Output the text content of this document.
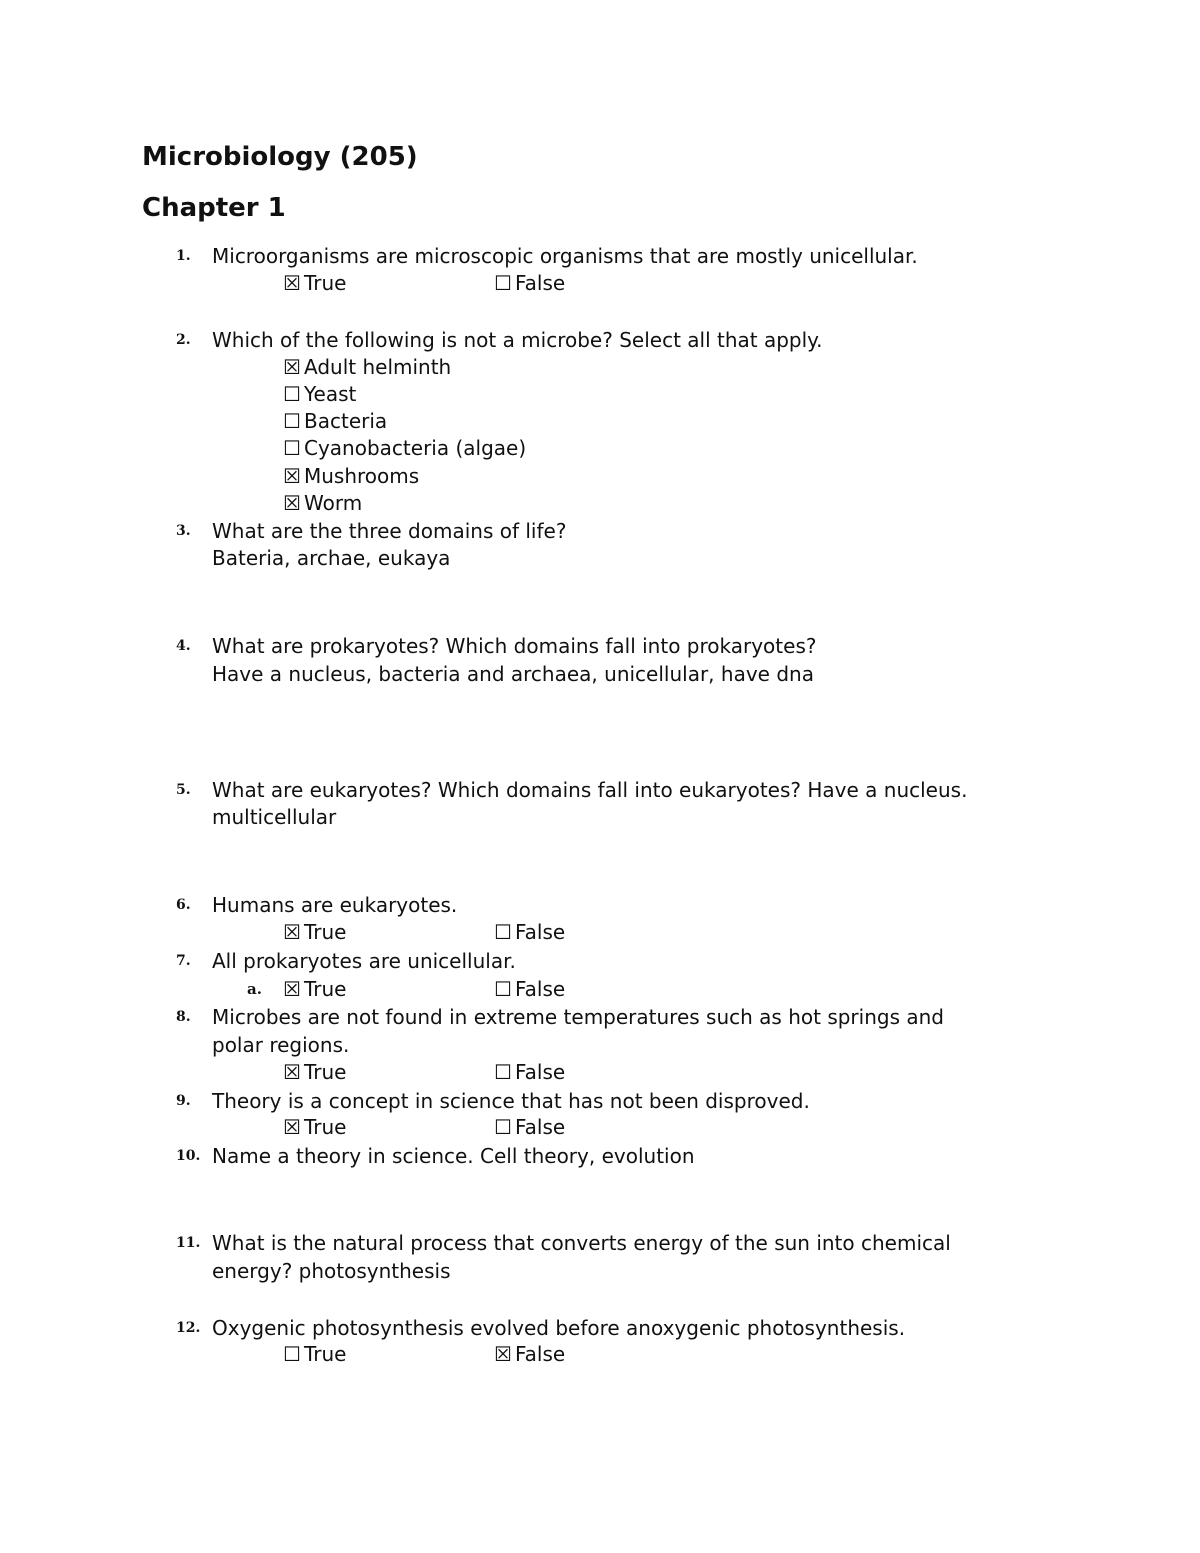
Microbiology (205)
Chapter 1
1.	Microorganisms are microscopic organisms that are mostly unicellular.
☒ True	☐ False
2.	Which of the following is not a microbe? Select all that apply.
☒ Adult helminth
☐ Yeast
☐ Bacteria
☐ Cyanobacteria (algae)
☒ Mushrooms
☒ Worm
3.	What are the three domains of life?
Bateria, archae, eukaya
4.	What are prokaryotes? Which domains fall into prokaryotes?
Have a nucleus, bacteria and archaea, unicellular, have dna
5.	What are eukaryotes? Which domains fall into eukaryotes? Have a nucleus.
multicellular
6.	Humans are eukaryotes.
☒ True	☐ False
7.	All prokaryotes are unicellular.
a. ☒ True	☐ False
8.	Microbes are not found in extreme temperatures such as hot springs and
polar regions.
☒ True	☐ False
9.	Theory is a concept in science that has not been disproved.
☒ True	☐ False
10. Name a theory in science. Cell theory, evolution
11. What is the natural process that converts energy of the sun into chemical
energy? photosynthesis
12. Oxygenic photosynthesis evolved before anoxygenic photosynthesis.
☐ True	☒ False
